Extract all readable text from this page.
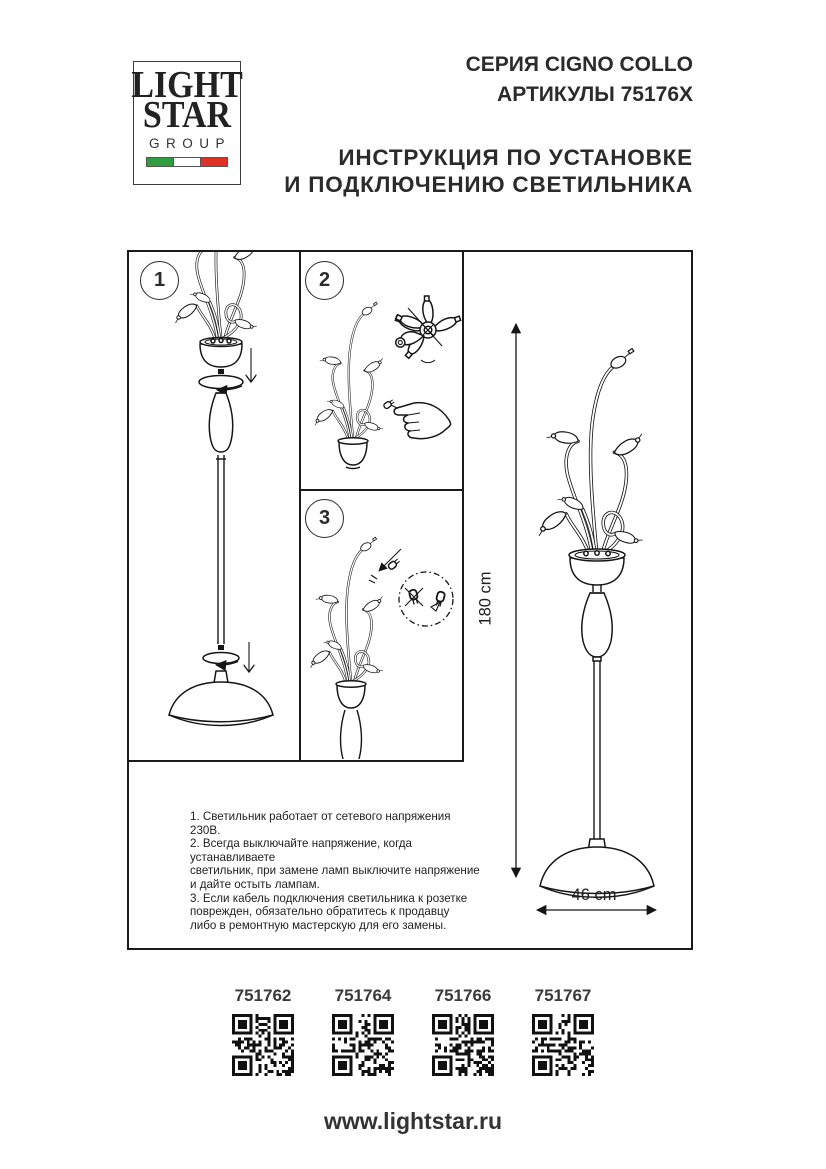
LIGHT
STAR
GROUP
СЕРИЯ CIGNO COLLO
АРТИКУЛЫ 75176X
ИНСТРУКЦИЯ ПО УСТАНОВКЕ
И ПОДКЛЮЧЕНИЮ СВЕТИЛЬНИКА
1	2
3
180 cm
46 cm
1. Светильник работает от сетевого напряжения 230В.
2. Всегда выключайте напряжение, когда устанавливаете
светильник, при замене ламп выключите напряжение
и дайте остыть лампам.
3. Если кабель подключения светильника к розетке
поврежден, обязательно обратитесь к продавцу
либо в ремонтную мастерскую для его замены.
751762	751764	751766	751767
www.lightstar.ru
